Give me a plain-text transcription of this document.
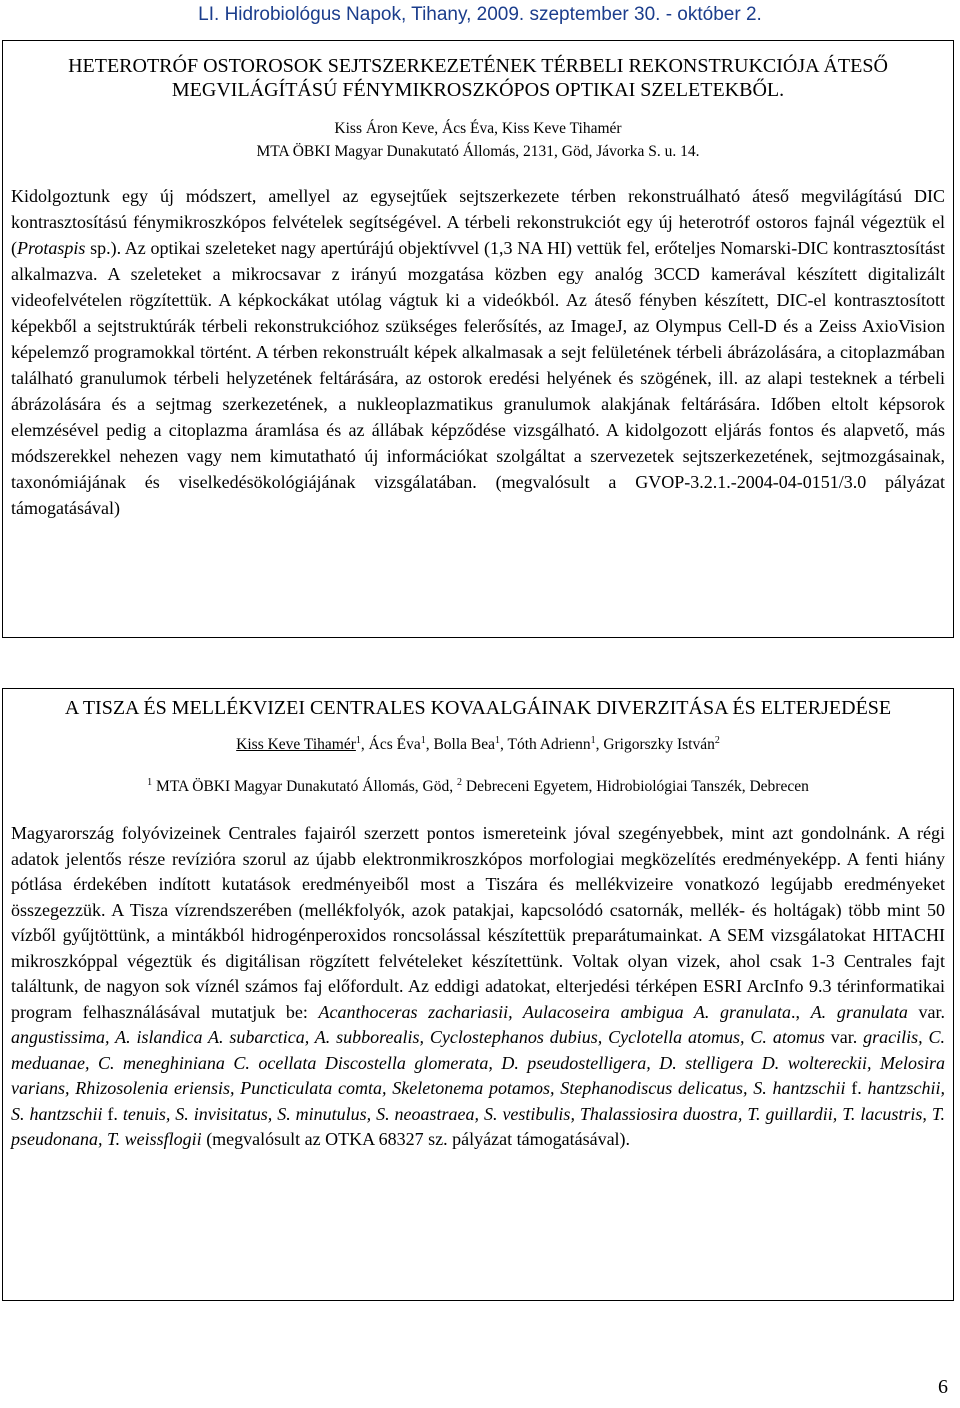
LI. Hidrobiológus Napok, Tihany, 2009. szeptember 30. - október 2.
HETEROTRÓF OSTOROSOK SEJTSZERKEZETÉNEK TÉRBELI REKONSTRUKCIÓJA ÁTESŐ
MEGVILÁGÍTÁSÚ FÉNYMIKROSZKÓPOS OPTIKAI SZELETEKBŐL.
Kiss Áron Keve, Ács Éva, Kiss Keve Tihamér
MTA ÖBKI Magyar Dunakutató Állomás, 2131, Göd, Jávorka S. u. 14.

Kidolgoztunk egy új módszert, amellyel az egysejtűek sejtszerkezete térben rekonstruálható áteső megvilágítású DIC kontrasztosítású fénymikroszkópos felvételek segítségével. A térbeli rekonstrukciót egy új heterotróf ostoros fajnál végeztük el (Protaspis sp.). Az optikai szeleteket nagy apertúrájú objektívvel (1,3 NA HI) vettük fel, erőteljes Nomarski-DIC kontrasztosítást alkalmazva. A szeleteket a mikrocsavar z irányú mozgatása közben egy analóg 3CCD kamerával készített digitalizált videofelvételen rögzítettük. A képkockákat utólag vágtuk ki a videókból. Az áteső fényben készített, DIC-el kontrasztosított képekből a sejtstruktúrák térbeli rekonstrukcióhoz szükséges felerősítés, az ImageJ, az Olympus Cell-D és a Zeiss AxioVision képelemző programokkal történt. A térben rekonstruált képek alkalmasak a sejt felületének térbeli ábrázolására, a citoplazmában található granulumok térbeli helyzetének feltárására, az ostorok eredési helyének és szögének, ill. az alapi testeknek a térbeli ábrázolására és a sejtmag szerkezetének, a nukleoplazmatikus granulumok alakjának feltárására. Időben eltolt képsorok elemzésével pedig a citoplazma áramlása és az állábak képződése vizsgálható. A kidolgozott eljárás fontos és alapvető, más módszerekkel nehezen vagy nem kimutatható új információkat szolgáltat a szervezetek sejtszerkezetének, sejtmozgásainak, taxonómiájának és viselkedésökológiájának vizsgálatában. (megvalósult a GVOP-3.2.1.-2004-04-0151/3.0 pályázat támogatásával)

A TISZA ÉS MELLÉKVIZEI CENTRALES KOVAALGÁINAK DIVERZITÁSA ÉS ELTERJEDÉSE
Kiss Keve Tihamér$^1$, Ács Éva$^1$, Bolla Bea$^1$, Tóth Adrienn$^1$, Grigorszky István$^2$
$^1$ MTA ÖBKI Magyar Dunakutató Állomás, Göd, $^2$ Debreceni Egyetem, Hidrobiológiai Tanszék, Debrecen

Magyarország folyóvizeinek Centrales fajairól szerzett pontos ismereteink jóval szegényebbek, mint azt gondolnánk. A régi adatok jelentős része revízióra szorul az újabb elektronmikroszkópos morfologiai megközelítés eredményeképp. A fenti hiány pótlása érdekében indított kutatások eredményeiből most a Tiszára és mellékvizeire vonatkozó legújabb eredményeket összegezzük. A Tisza vízrendszerében (mellékfolyók, azok patakjai, kapcsolódó csatornák, mellék- és holtágak) több mint 50 vízből gyűjtöttünk, a mintákból hidrogénperoxidos roncsolással készítettük preparátumainkat. A SEM vizsgálatokat HITACHI mikroszkóppal végeztük és digitálisan rögzített felvételeket készítettünk. Voltak olyan vizek, ahol csak 1-3 Centrales fajt találtunk, de nagyon sok víznél számos faj előfordult. Az eddigi adatokat, elterjedési térképen ESRI ArcInfo 9.3 térinformatikai program felhasználásával mutatjuk be: Acanthoceras zachariasii, Aulacoseira ambigua A. granulata., A. granulata var. angustissima, A. islandica A. subarctica, A. subborealis, Cyclostephanos dubius, Cyclotella atomus, C. atomus var. gracilis, C. meduanae, C. meneghiniana C. ocellata Discostella glomerata, D. pseudostelligera, D. stelligera D. woltereckii, Melosira varians, Rhizosolenia eriensis, Puncticulata comta, Skeletonema potamos, Stephanodiscus delicatus, S. hantzschii f. hantzschii, S. hantzschii f. tenuis, S. invisitatus, S. minutulus, S. neoastraea, S. vestibulis, Thalassiosira duostra, T. guillardii, T. lacustris, T. pseudonana, T. weissflogii (megvalósult az OTKA 68327 sz. pályázat támogatásával).

6
